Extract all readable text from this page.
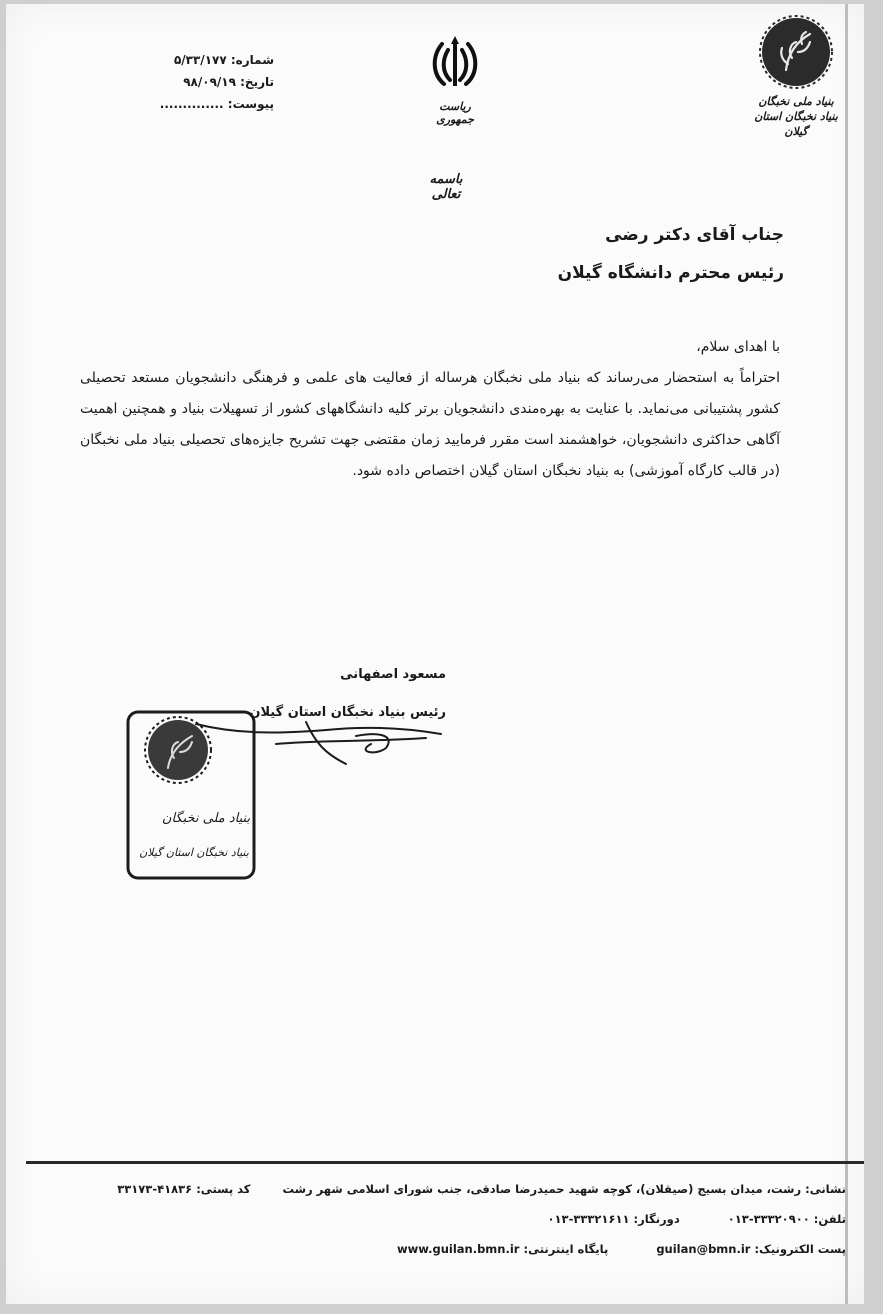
شماره: ۵/۳۳/۱۷۷
تاریخ: ۹۸/۰۹/۱۹
پیوست: ..............	ریاست جمهوری
بنیاد ملی نخبگان
بنیاد نخبگان استان گیلان
باسمه تعالی
جناب آقای دکتر رضی
رئیس محترم دانشگاه گیلان

با اهدای سلام،

احتراماً به استحضار می‌رساند که بنیاد ملی نخبگان هرساله از فعالیت های علمی و فرهنگی دانشجویان مستعد تحصیلی کشور پشتیبانی می‌نماید. با عنایت به بهره‌مندی دانشجویان برتر کلیه دانشگاههای کشور از تسهیلات بنیاد و همچنین اهمیت آگاهی حداکثری دانشجویان، خواهشمند است مقرر فرمایید زمان مقتضی جهت تشریح جایزه‌های تحصیلی بنیاد ملی نخبگان (در قالب کارگاه آموزشی) به بنیاد نخبگان استان گیلان اختصاص داده شود.

مسعود اصفهانی
رئیس بنیاد نخبگان استان گیلان
بنیاد ملی نخبگان
بنیاد نخبگان استان گیلان
نشانی: رشت، میدان بسیج (صیقلان)، کوچه شهید حمیدرضا صادقی، جنب شورای اسلامی شهر رشت  کد پستی: ۴۱۸۳۶-۳۳۱۷۳
تلفن: ۳۳۳۲۰۹۰۰-۰۱۳  دورنگار: ۳۳۳۲۱۶۱۱-۰۱۳
پست الکترونیک: guilan@bmn.ir  پایگاه اینترنتی: www.guilan.bmn.ir
